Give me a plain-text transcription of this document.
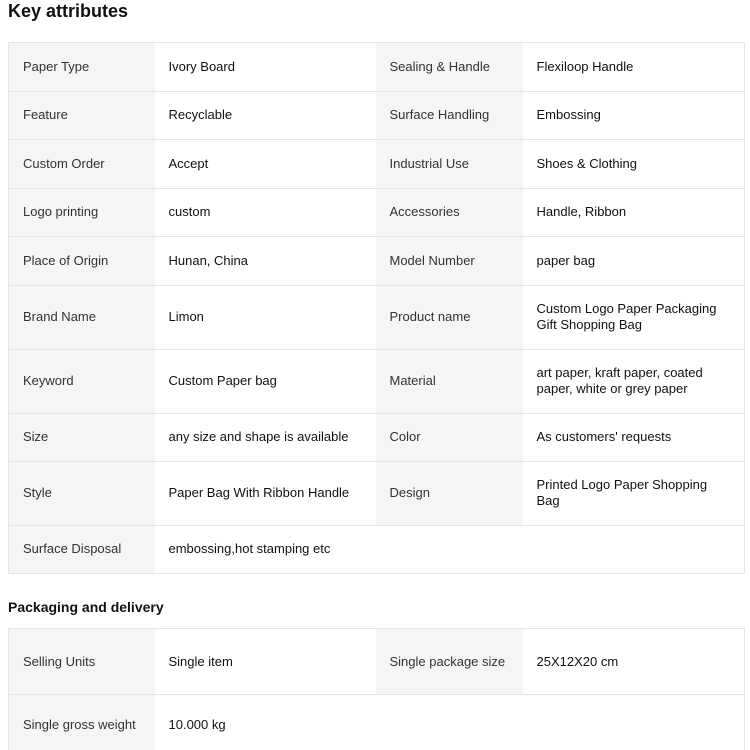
Key attributes
Paper Type	Ivory Board	Sealing & Handle	Flexiloop Handle
Feature	Recyclable	Surface Handling	Embossing
Custom Order	Accept	Industrial Use	Shoes & Clothing
Logo printing	custom	Accessories	Handle, Ribbon
Place of Origin	Hunan, China	Model Number	paper bag
Brand Name	Limon	Product name	Custom Logo Paper Packaging Gift Shopping Bag
Keyword	Custom Paper bag	Material	art paper, kraft paper, coated paper, white or grey paper
Size	any size and shape is available	Color	As customers' requests
Style	Paper Bag With Ribbon Handle	Design	Printed Logo Paper Shopping Bag
Surface Disposal	embossing,hot stamping etc		
Packaging and delivery
Selling Units	Single item	Single package size	25X12X20 cm
Single gross weight	10.000 kg		
